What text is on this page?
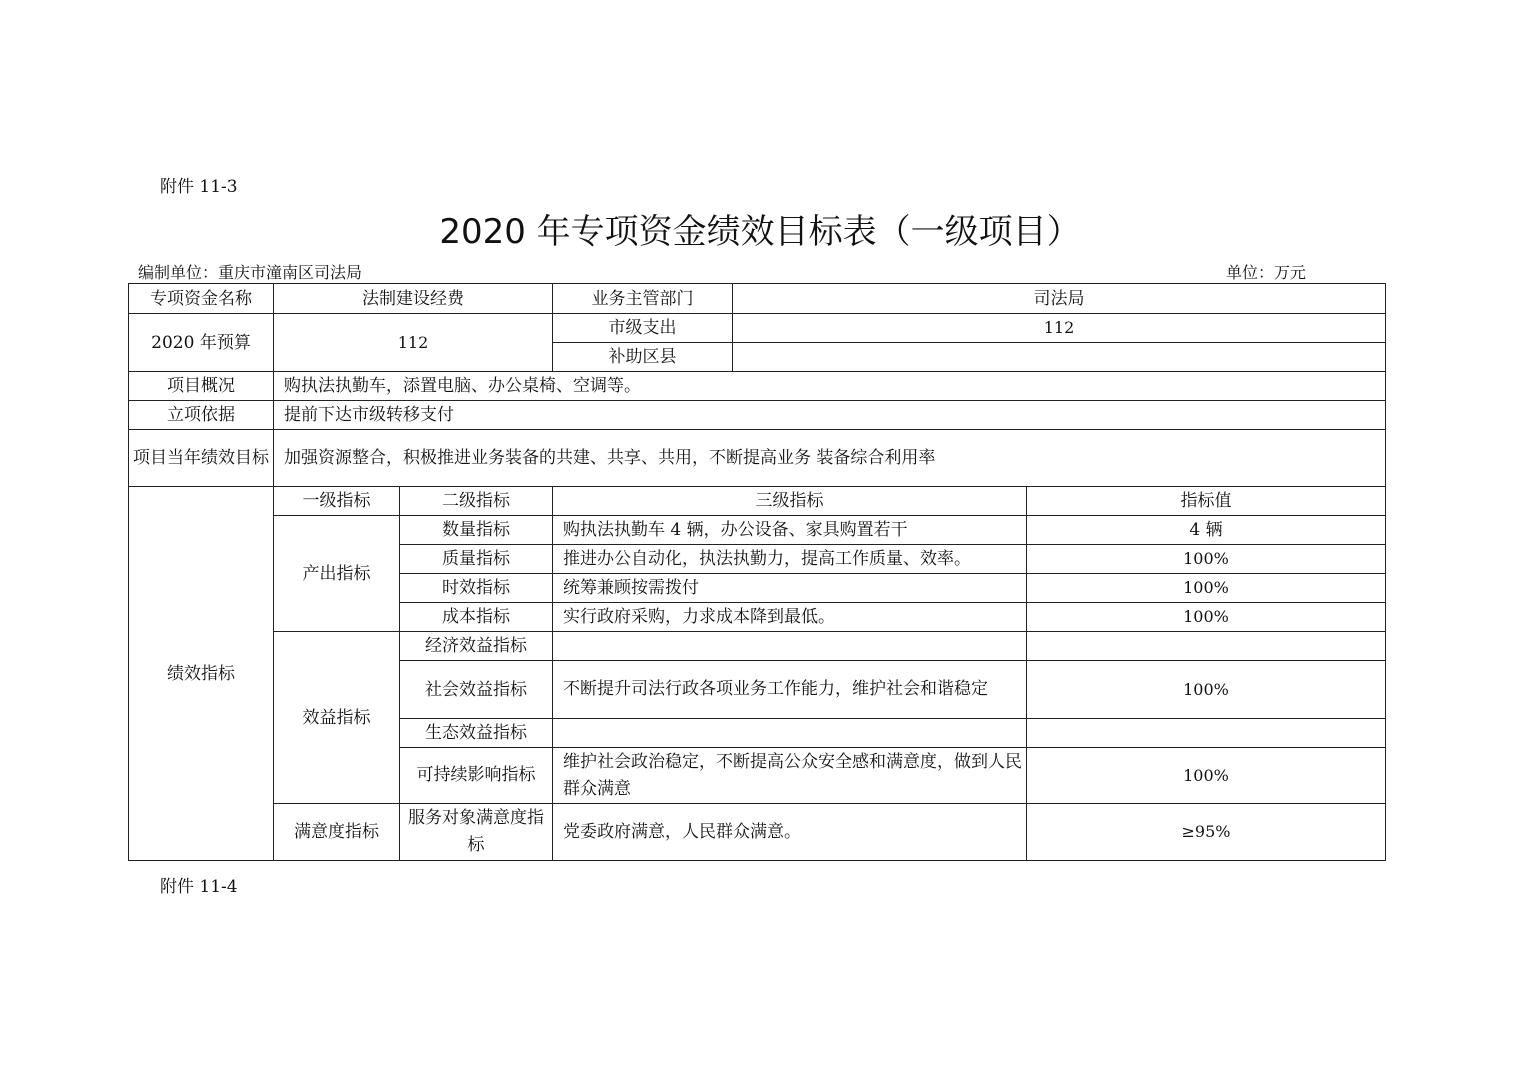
附件 11-3
2020 年专项资金绩效目标表（一级项目）
编制单位：重庆市潼南区司法局	单位：万元
专项资金名称	法制建设经费		业务主管部门	司法局	
2020 年预算	112		市级支出	112	
			补助区县		
项目概况	购执法执勤车，添置电脑、办公桌椅、空调等。				
立项依据	提前下达市级转移支付				
项目当年绩效目标	加强资源整合，积极推进业务装备的共建、共享、共用，不断提高业务 装备综合利用率				
绩效指标	一级指标	二级指标	三级指标		指标值
	产出指标	数量指标	购执法执勤车 4 辆，办公设备、家具购置若干		4 辆
		质量指标	推进办公自动化，执法执勤力，提高工作质量、效率。		100%
		时效指标	统筹兼顾按需拨付		100%
		成本指标	实行政府采购，力求成本降到最低。		100%
	效益指标	经济效益指标			
		社会效益指标	不断提升司法行政各项业务工作能力，维护社会和谐稳定		100%

		生态效益指标			
		可持续影响指标	维护社会政治稳定，不断提高公众安全感和满意度，做到人民群众满意		100%

	满意度指标	服务对象满意度指标	党委政府满意，人民群众满意。		≥95%
附件 11-4
